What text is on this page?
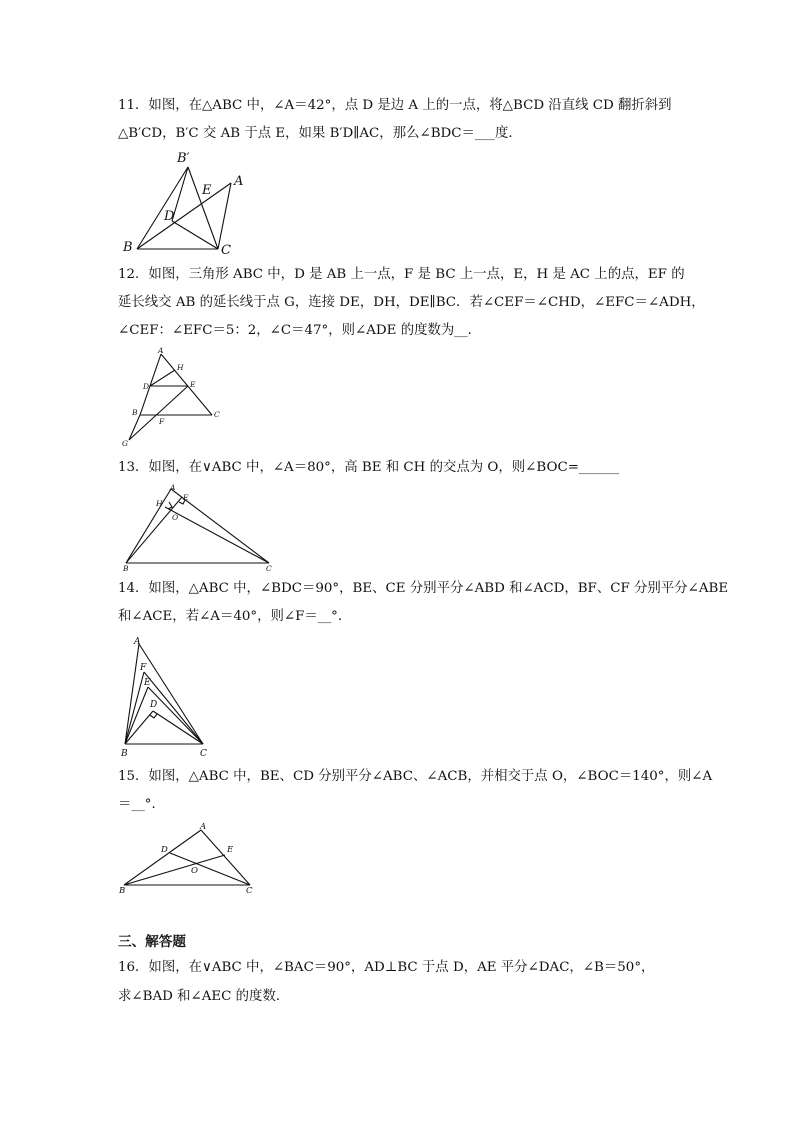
11．如图，在△ABC 中，∠A＝42°，点 D 是边 A 上的一点，将△BCD 沿直线 CD 翻折斜到
△B′CD，B′C 交 AB 于点 E，如果 B′D∥AC，那么∠BDC＝___度．
B′
A
E
D
B	C
12．如图，三角形 ABC 中，D 是 AB 上一点，F 是 BC 上一点，E，H 是 AC 上的点，EF 的
延长线交 AB 的延长线于点 G，连接 DE，DH，DE∥BC．若∠CEF＝∠CHD，∠EFC＝∠ADH，
∠CEF：∠EFC＝5：2，∠C＝47°，则∠ADE 的度数为__．
A
H
D	E
B
F
C
G
13．如图，在∨ABC 中，∠A＝80°，高 BE 和 CH 的交点为 O，则∠BOC=______
A
H
E
O
B	C
14．如图，△ABC 中，∠BDC＝90°，BE、CE 分别平分∠ABD 和∠ACD，BF、CF 分别平分∠ABE
和∠ACE，若∠A＝40°，则∠F＝__°．
A
F
E
D
B	C
15．如图，△ABC 中，BE、CD 分别平分∠ABC、∠ACB，并相交于点 O，∠BOC＝140°，则∠A
＝__°．
A
D	E
O
B	C
三、解答题
16．如图，在∨ABC 中，∠BAC＝90°，AD⊥BC 于点 D，AE 平分∠DAC，∠B＝50°，
求∠BAD 和∠AEC 的度数．
